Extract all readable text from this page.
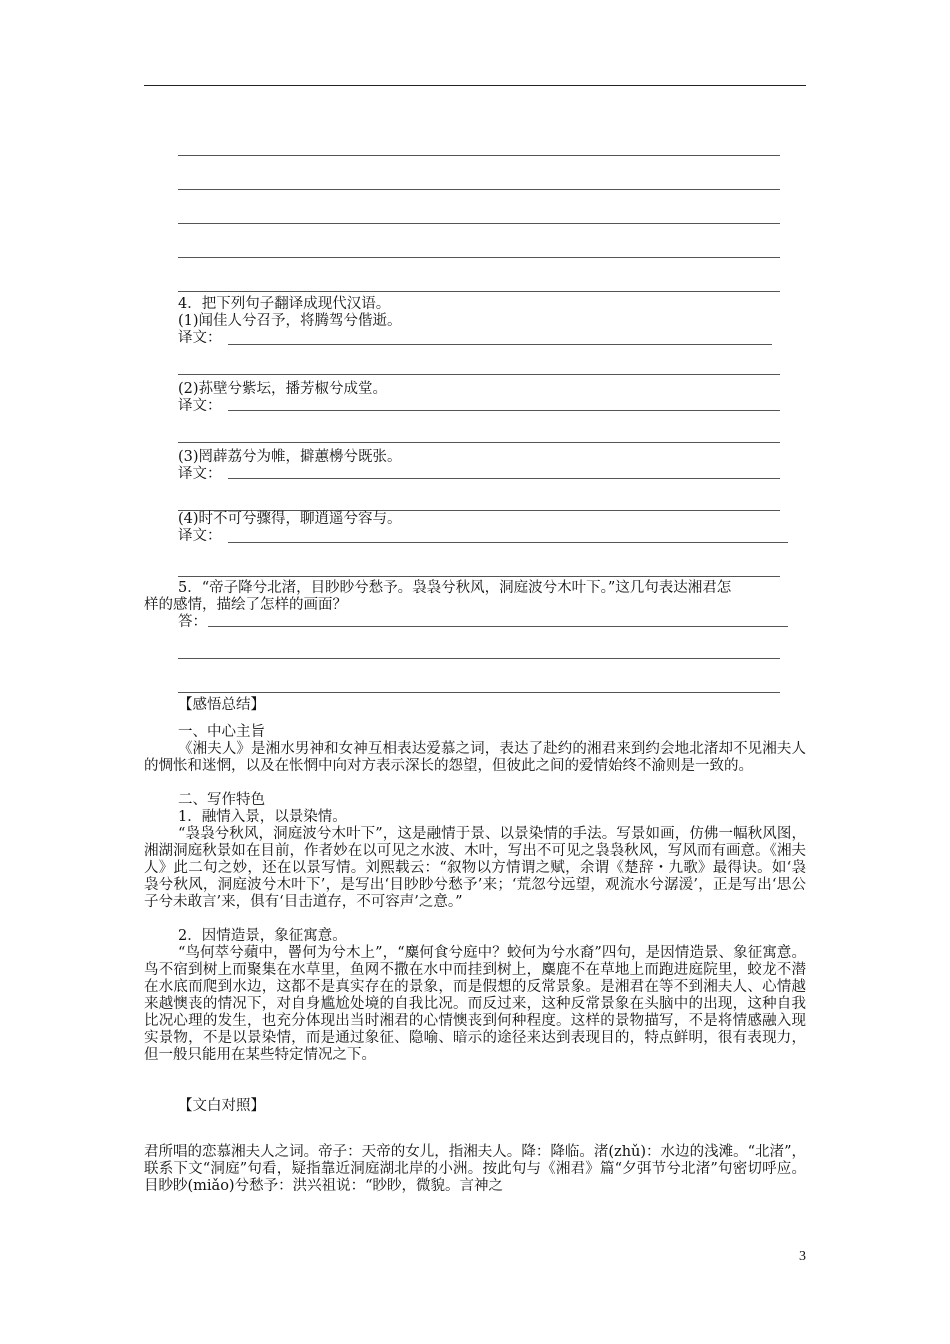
4．把下列句子翻译成现代汉语。
(1)闻佳人兮召予，将腾驾兮偕逝。
译文：
(2)荪壁兮紫坛，播芳椒兮成堂。
译文：
(3)罔薜荔兮为帷，擗蕙櫋兮既张。
译文：
(4)时不可兮骤得，聊逍遥兮容与。
译文：
5．“帝子降兮北渚，目眇眇兮愁予。袅袅兮秋风，洞庭波兮木叶下。”这几句表达湘君怎
样的感情，描绘了怎样的画面？
答：
【感悟总结】
一、中心主旨
《湘夫人》是湘水男神和女神互相表达爱慕之词，表达了赴约的湘君来到约会地北渚却不见湘夫人的惆怅和迷惘，以及在怅惘中向对方表示深长的怨望，但彼此之间的爱情始终不渝则是一致的。
二、写作特色
1．融情入景，以景染情。
“袅袅兮秋风，洞庭波兮木叶下”，这是融情于景、以景染情的手法。写景如画，仿佛一幅秋风图，湘湖洞庭秋景如在目前，作者妙在以可见之水波、木叶，写出不可见之袅袅秋风，写风而有画意。《湘夫人》此二句之妙，还在以景写情。刘熙载云：“叙物以方情谓之赋，余谓《楚辞・九歌》最得诀。如‘袅袅兮秋风，洞庭波兮木叶下’，是写出‘目眇眇兮愁予’来；‘荒忽兮远望，观流水兮潺湲’，正是写出‘思公子兮未敢言’来，俱有‘目击道存，不可容声’之意。”
2．因情造景，象征寓意。
“鸟何萃兮蘋中，罾何为兮木上”，“麋何食兮庭中？蛟何为兮水裔”四句，是因情造景、象征寓意。鸟不宿到树上而聚集在水草里，鱼网不撒在水中而挂到树上，麋鹿不在草地上而跑进庭院里，蛟龙不潜在水底而爬到水边，这都不是真实存在的景象，而是假想的反常景象。是湘君在等不到湘夫人、心情越来越懊丧的情况下，对自身尴尬处境的自我比况。而反过来，这种反常景象在头脑中的出现，这种自我比况心理的发生，也充分体现出当时湘君的心情懊丧到何种程度。这样的景物描写，不是将情感融入现实景物，不是以景染情，而是通过象征、隐喻、暗示的途径来达到表现目的，特点鲜明，很有表现力，但一般只能用在某些特定情况之下。
【文白对照】
君所唱的恋慕湘夫人之词。帝子：天帝的女儿，指湘夫人。降：降临。渚(zhǔ)：水边的浅滩。“北渚”，联系下文“洞庭”句看，疑指靠近洞庭湖北岸的小洲。按此句与《湘君》篇“夕弭节兮北渚”句密切呼应。目眇眇(miǎo)兮愁予：洪兴祖说：“眇眇，微貌。言神之
3
